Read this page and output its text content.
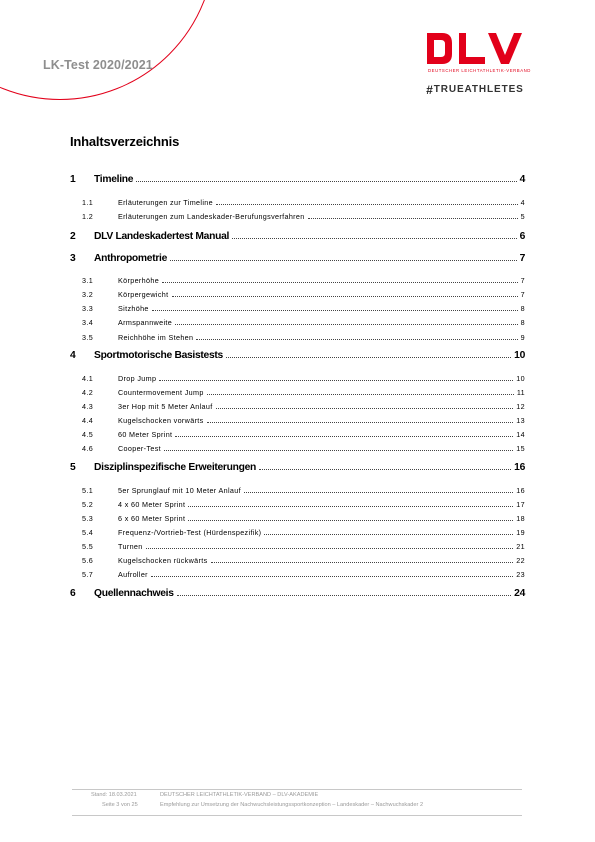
LK-Test 2020/2021	DEUTSCHER LEICHTATHLETIK-VERBAND
# TRUEATHLETES
Inhaltsverzeichnis
1	Timeline	4
1.1	Erläuterungen zur Timeline	4
1.2	Erläuterungen zum Landeskader-Berufungsverfahren	5
2	DLV Landeskadertest Manual	6
3	Anthropometrie	7
3.1	Körperhöhe	7
3.2	Körpergewicht	7
3.3	Sitzhöhe	8
3.4	Armspannweite	8
3.5	Reichhöhe im Stehen	9
4	Sportmotorische Basistests	10
4.1	Drop Jump	10
4.2	Countermovement Jump	11
4.3	3er Hop mit 5 Meter Anlauf	12
4.4	Kugelschocken vorwärts	13
4.5	60 Meter Sprint	14
4.6	Cooper-Test	15
5	Disziplinspezifische Erweiterungen	16
5.1	5er Sprunglauf mit 10 Meter Anlauf	16
5.2	4 x 60 Meter Sprint	17
5.3	6 x 60 Meter Sprint	18
5.4	Frequenz-/Vortrieb-Test (Hürdenspezifik)	19
5.5	Turnen	21
5.6	Kugelschocken rückwärts	22
5.7	Aufroller	23
6	Quellennachweis	24
Stand: 18.03.2021	DEUTSCHER LEICHTATHLETIK-VERBAND – DLV-AKADEMIE
Seite 3 von 25	Empfehlung zur Umsetzung der Nachwuchsleistungssportkonzeption – Landeskader – Nachwuchskader 2
